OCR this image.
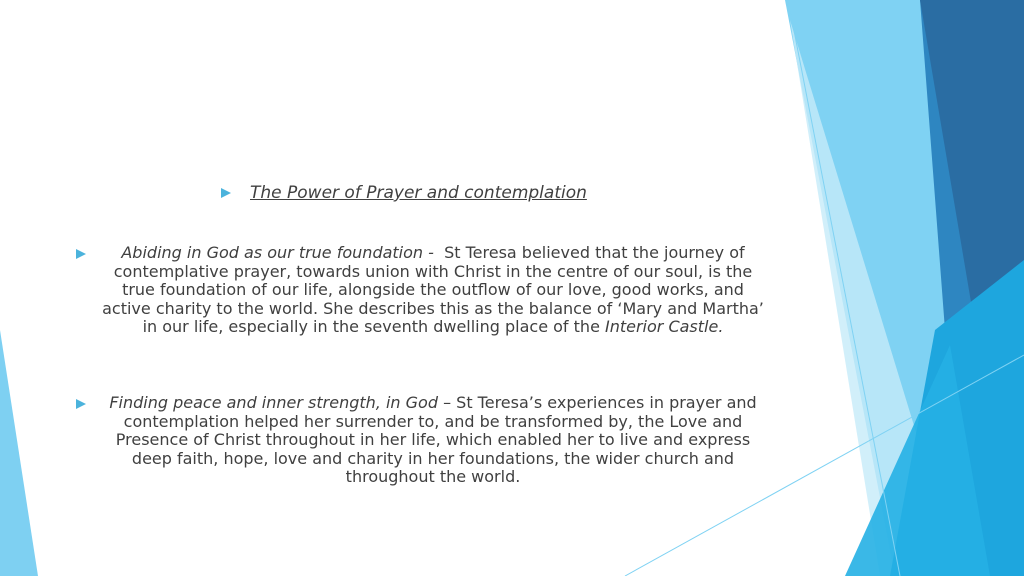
The Power of Prayer and contemplation
Abiding in God as our true foundation - St Teresa believed that the journey of contemplative prayer, towards union with Christ in the centre of our soul, is the true foundation of our life, alongside the outflow of our love, good works, and active charity to the world. She describes this as the balance of ‘Mary and Martha’ in our life, especially in the seventh dwelling place of the Interior Castle.
Finding peace and inner strength, in God – St Teresa’s experiences in prayer and contemplation helped her surrender to, and be transformed by, the Love and Presence of Christ throughout in her life, which enabled her to live and express deep faith, hope, love and charity in her foundations, the wider church and throughout the world.
